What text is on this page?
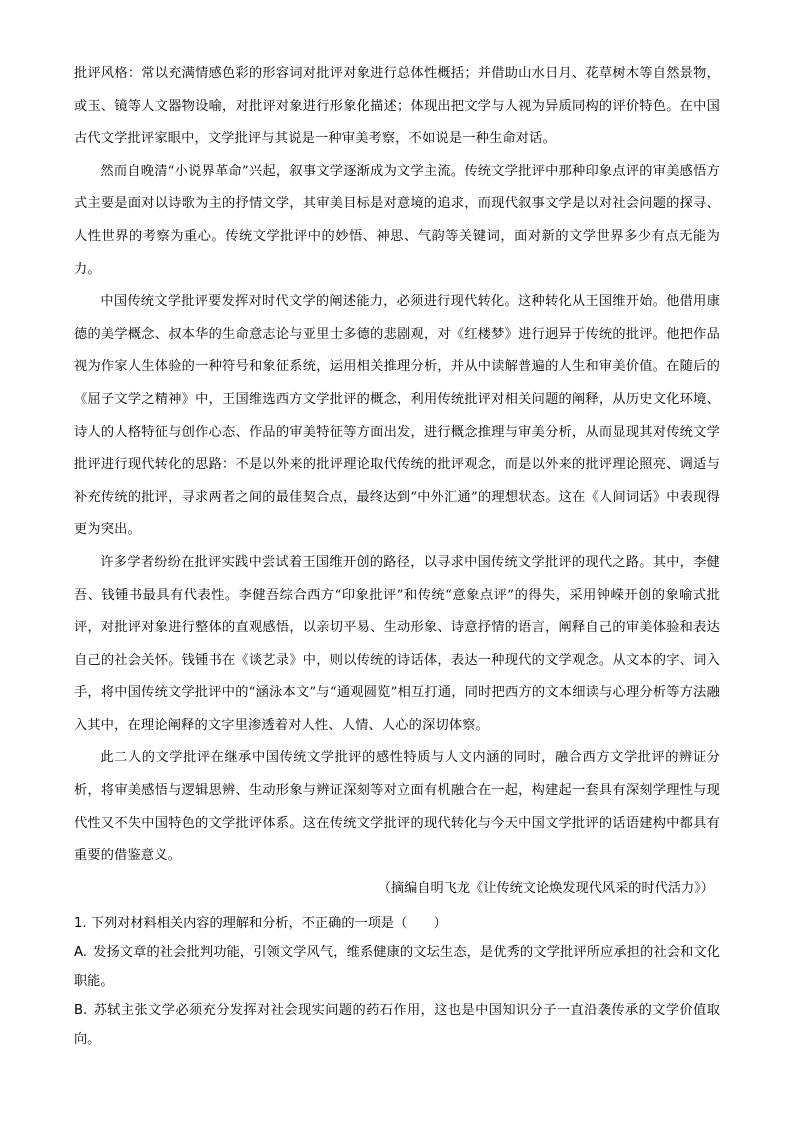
批评风格：常以充满情感色彩的形容词对批评对象进行总体性概括；并借助山水日月、花草树木等自然景物，或玉、镜等人文器物设喻，对批评对象进行形象化描述；体现出把文学与人视为异质同构的评价特色。在中国古代文学批评家眼中，文学批评与其说是一种审美考察，不如说是一种生命对话。

然而自晚清“小说界革命”兴起，叙事文学逐渐成为文学主流。传统文学批评中那种印象点评的审美感悟方式主要是面对以诗歌为主的抒情文学，其审美目标是对意境的追求，而现代叙事文学是以对社会问题的探寻、人性世界的考察为重心。传统文学批评中的妙悟、神思、气韵等关键词，面对新的文学世界多少有点无能为力。

中国传统文学批评要发挥对时代文学的阐述能力，必须进行现代转化。这种转化从王国维开始。他借用康德的美学概念、叔本华的生命意志论与亚里士多德的悲剧观，对《红楼梦》进行迥异于传统的批评。他把作品视为作家人生体验的一种符号和象征系统，运用相关推理分析，并从中读解普遍的人生和审美价值。在随后的《屈子文学之精神》中，王国维选西方文学批评的概念，利用传统批评对相关问题的阐释，从历史文化环境、诗人的人格特征与创作心态、作品的审美特征等方面出发，进行概念推理与审美分析，从而显现其对传统文学批评进行现代转化的思路：不是以外来的批评理论取代传统的批评观念，而是以外来的批评理论照亮、调适与补充传统的批评，寻求两者之间的最佳契合点，最终达到“中外汇通”的理想状态。这在《人间词话》中表现得更为突出。

许多学者纷纷在批评实践中尝试着王国维开创的路径，以寻求中国传统文学批评的现代之路。其中，李健吾、钱锺书最具有代表性。李健吾综合西方“印象批评”和传统“意象点评”的得失，采用钟嵘开创的象喻式批评，对批评对象进行整体的直观感悟，以亲切平易、生动形象、诗意抒情的语言，阐释自己的审美体验和表达自己的社会关怀。钱锺书在《谈艺录》中，则以传统的诗话体，表达一种现代的文学观念。从文本的字、词入手，将中国传统文学批评中的“涵泳本文”与“通观圆览”相互打通，同时把西方的文本细读与心理分析等方法融入其中，在理论阐释的文字里渗透着对人性、人情、人心的深切体察。

此二人的文学批评在继承中国传统文学批评的感性特质与人文内涵的同时，融合西方文学批评的辨证分析，将审美感悟与逻辑思辨、生动形象与辨证深刻等对立面有机融合在一起，构建起一套具有深刻学理性与现代性又不失中国特色的文学批评体系。这在传统文学批评的现代转化与今天中国文学批评的话语建构中都具有重要的借鉴意义。

（摘编自明飞龙《让传统文论焕发现代风采的时代活力》）

1. 下列对材料相关内容的理解和分析，不正确的一项是（　　）

A. 发扬文章的社会批判功能，引领文学风气，维系健康的文坛生态，是优秀的文学批评所应承担的社会和文化职能。

B. 苏轼主张文学必须充分发挥对社会现实问题的药石作用，这也是中国知识分子一直沿袭传承的文学价值取向。
